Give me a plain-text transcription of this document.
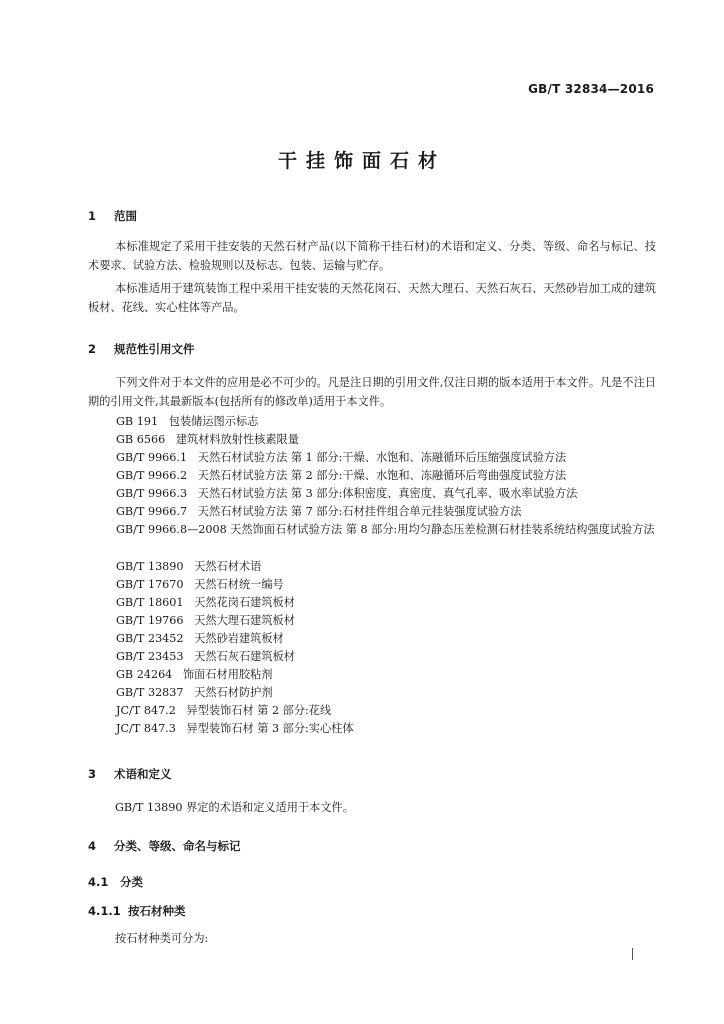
GB/T 32834—2016
干挂饰面石材
1 范围
本标准规定了采用干挂安装的天然石材产品(以下简称干挂石材)的术语和定义、分类、等级、命名与标记、技术要求、试验方法、检验规则以及标志、包装、运输与贮存。
本标准适用于建筑装饰工程中采用干挂安装的天然花岗石、天然大理石、天然石灰石、天然砂岩加工成的建筑板材、花线、实心柱体等产品。
2 规范性引用文件
下列文件对于本文件的应用是必不可少的。凡是注日期的引用文件,仅注日期的版本适用于本文件。凡是不注日期的引用文件,其最新版本(包括所有的修改单)适用于本文件。
GB 191 包装储运图示标志
GB 6566 建筑材料放射性核素限量
GB/T 9966.1 天然石材试验方法 第 1 部分:干燥、水饱和、冻融循环后压缩强度试验方法
GB/T 9966.2 天然石材试验方法 第 2 部分:干燥、水饱和、冻融循环后弯曲强度试验方法
GB/T 9966.3 天然石材试验方法 第 3 部分:体积密度、真密度、真气孔率、吸水率试验方法
GB/T 9966.7 天然石材试验方法 第 7 部分:石材挂件组合单元挂装强度试验方法
GB/T 9966.8—2008 天然饰面石材试验方法 第 8 部分:用均匀静态压差检测石材挂装系统结构强度试验方法
GB/T 13890 天然石材术语
GB/T 17670 天然石材统一编号
GB/T 18601 天然花岗石建筑板材
GB/T 19766 天然大理石建筑板材
GB/T 23452 天然砂岩建筑板材
GB/T 23453 天然石灰石建筑板材
GB 24264 饰面石材用胶粘剂
GB/T 32837 天然石材防护剂
JC/T 847.2 异型装饰石材 第 2 部分:花线
JC/T 847.3 异型装饰石材 第 3 部分:实心柱体
3 术语和定义
GB/T 13890 界定的术语和定义适用于本文件。
4 分类、等级、命名与标记
4.1 分类
4.1.1 按石材种类
按石材种类可分为:
